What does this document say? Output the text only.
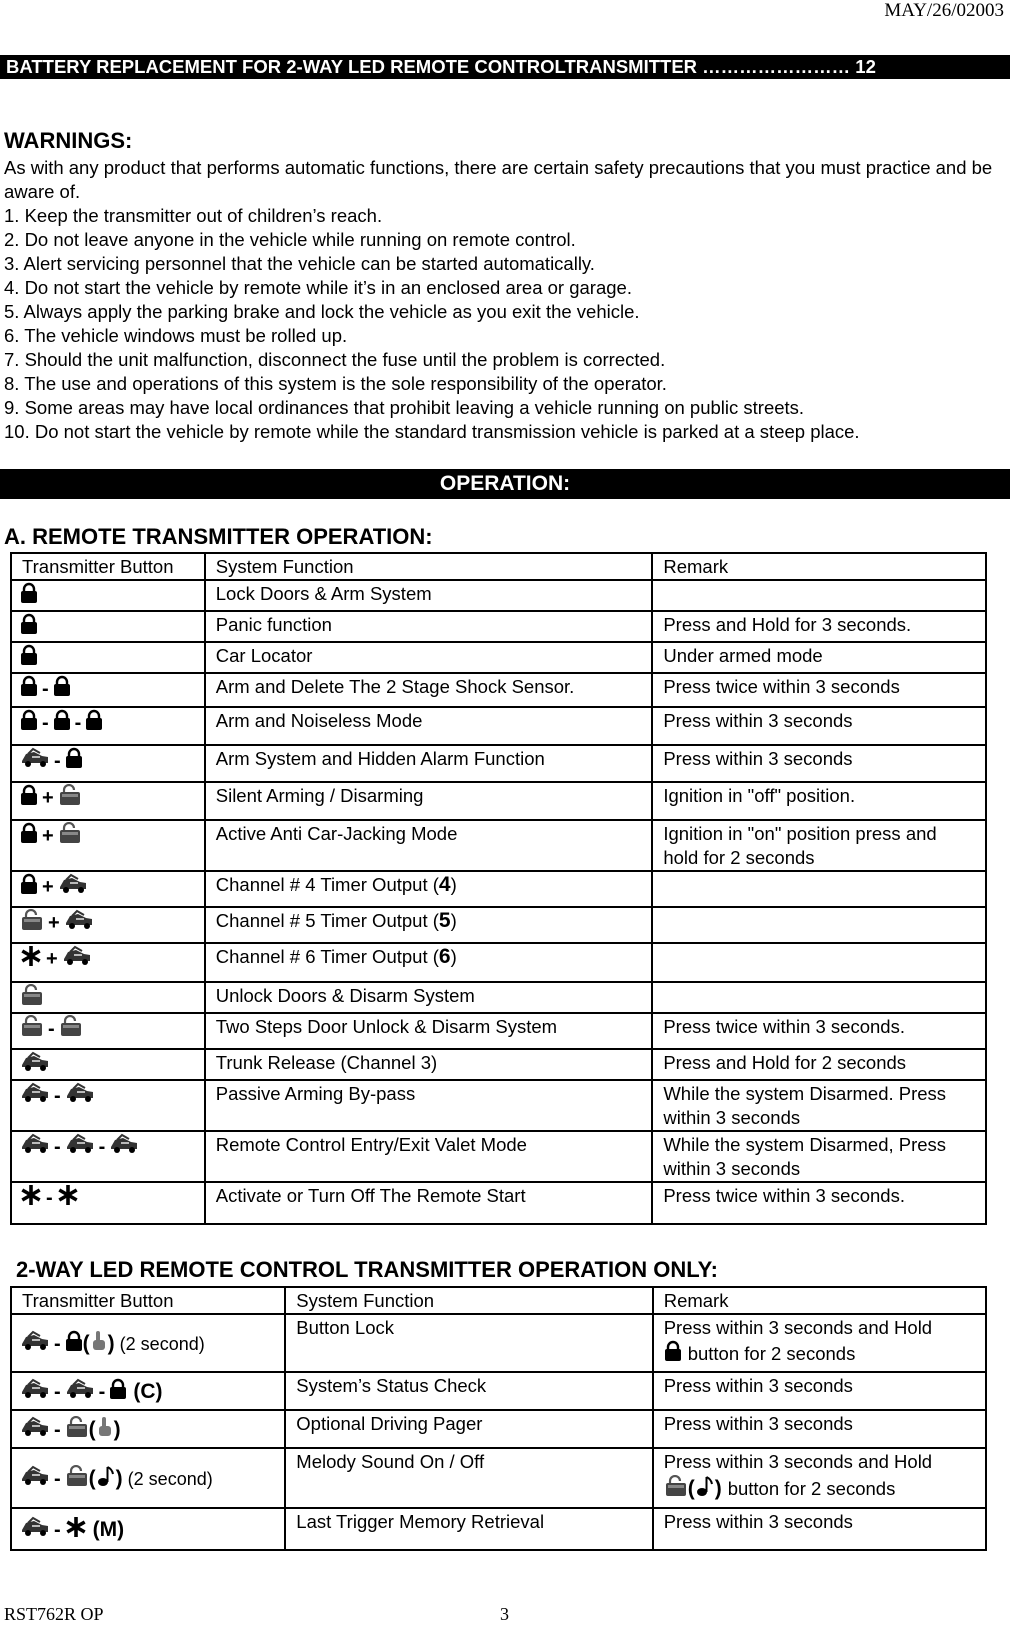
MAY/26/02003
BATTERY REPLACEMENT FOR 2-WAY LED REMOTE CONTROLTRANSMITTER …………………… 12
WARNINGS:
As with any product that performs automatic functions, there are certain safety precautions that you must practice and be aware of.
1. Keep the transmitter out of children’s reach.
2. Do not leave anyone in the vehicle while running on remote control.
3. Alert servicing personnel that the vehicle can be started automatically.
4. Do not start the vehicle by remote while it’s in an enclosed area or garage.
5. Always apply the parking brake and lock the vehicle as you exit the vehicle.
6. The vehicle windows must be rolled up.
7. Should the unit malfunction, disconnect the fuse until the problem is corrected.
8. The use and operations of this system is the sole responsibility of the operator.
9. Some areas may have local ordinances that prohibit leaving a vehicle running on public streets.
10. Do not start the vehicle by remote while the standard transmission vehicle is parked at a steep place.
OPERATION:
A. REMOTE TRANSMITTER OPERATION:
Transmitter Button	System Function	Remark
	Lock Doors & Arm System	
	Panic function	Press and Hold for 3 seconds.
	Car Locator	Under armed mode
-	Arm and Delete The 2 Stage Shock Sensor.	Press twice within 3 seconds
- -	Arm and Noiseless Mode	Press within 3 seconds
-	Arm System and Hidden Alarm Function	Press within 3 seconds
+	Silent Arming / Disarming	Ignition in "off" position.
+	Active Anti Car-Jacking Mode	Ignition in "on" position press and hold for 2 seconds
+	Channel # 4 Timer Output (4)	
+	Channel # 5 Timer Output (5)	
+	Channel # 6 Timer Output (6)	
	Unlock Doors & Disarm System	
-	Two Steps Door Unlock & Disarm System	Press twice within 3 seconds.
	Trunk Release (Channel 3)	Press and Hold for 2 seconds
-	Passive Arming By-pass	While the system Disarmed. Press within 3 seconds
- -	Remote Control Entry/Exit Valet Mode	While the system Disarmed, Press within 3 seconds
-	Activate or Turn Off The Remote Start	Press twice within 3 seconds.
2-WAY LED REMOTE CONTROL TRANSMITTER OPERATION ONLY:
Transmitter Button	System Function	Remark
- ( ) (2 second)	Button Lock	Press within 3 seconds and Hold
button for 2 seconds

- - (C)	System’s Status Check	Press within 3 seconds

- ( )	Optional Driving Pager	Press within 3 seconds

- ( ) (2 second)	Melody Sound On / Off	Press within 3 seconds and Hold
( ) button for 2 seconds

- (M)	Last Trigger Memory Retrieval	Press within 3 seconds
RST762R OP	3
